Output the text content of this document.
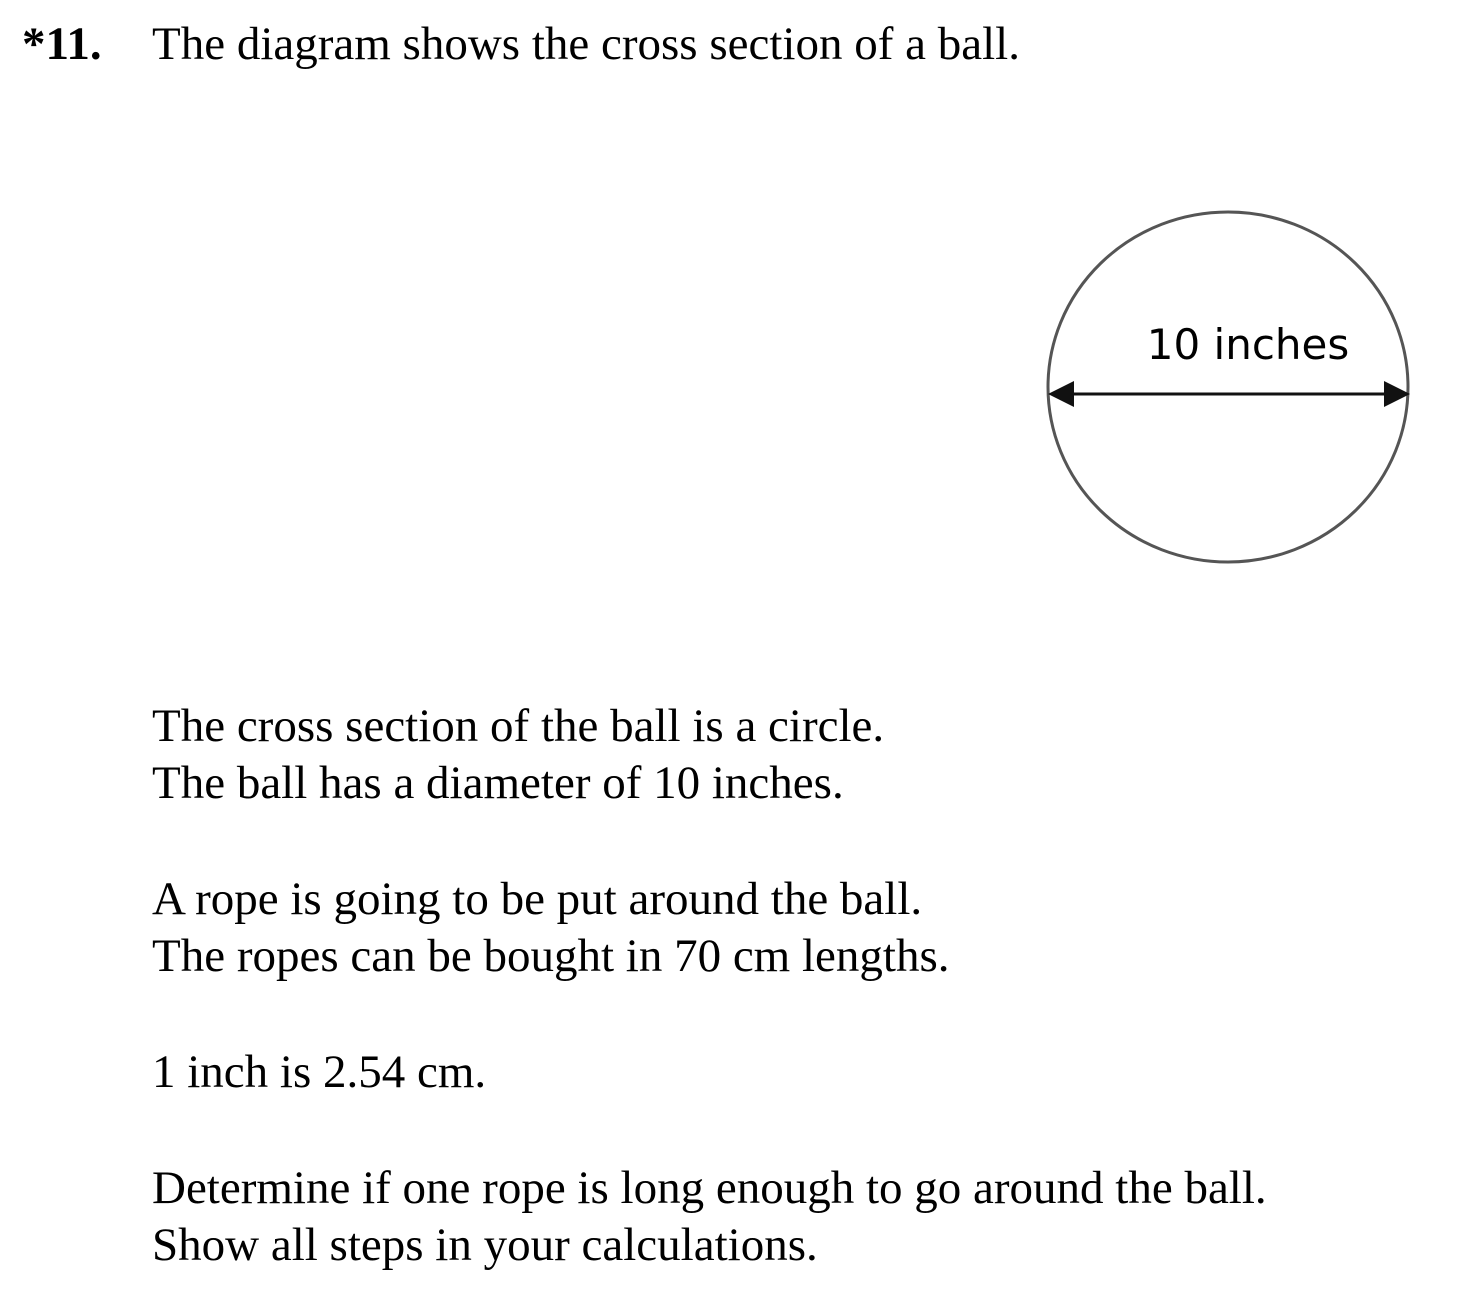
*11. The diagram shows the cross section of a ball.
10 inches
The cross section of the ball is a circle.
The ball has a diameter of 10 inches.
A rope is going to be put around the ball.
The ropes can be bought in 70 cm lengths.
1 inch is 2.54 cm.
Determine if one rope is long enough to go around the ball.
Show all steps in your calculations.
